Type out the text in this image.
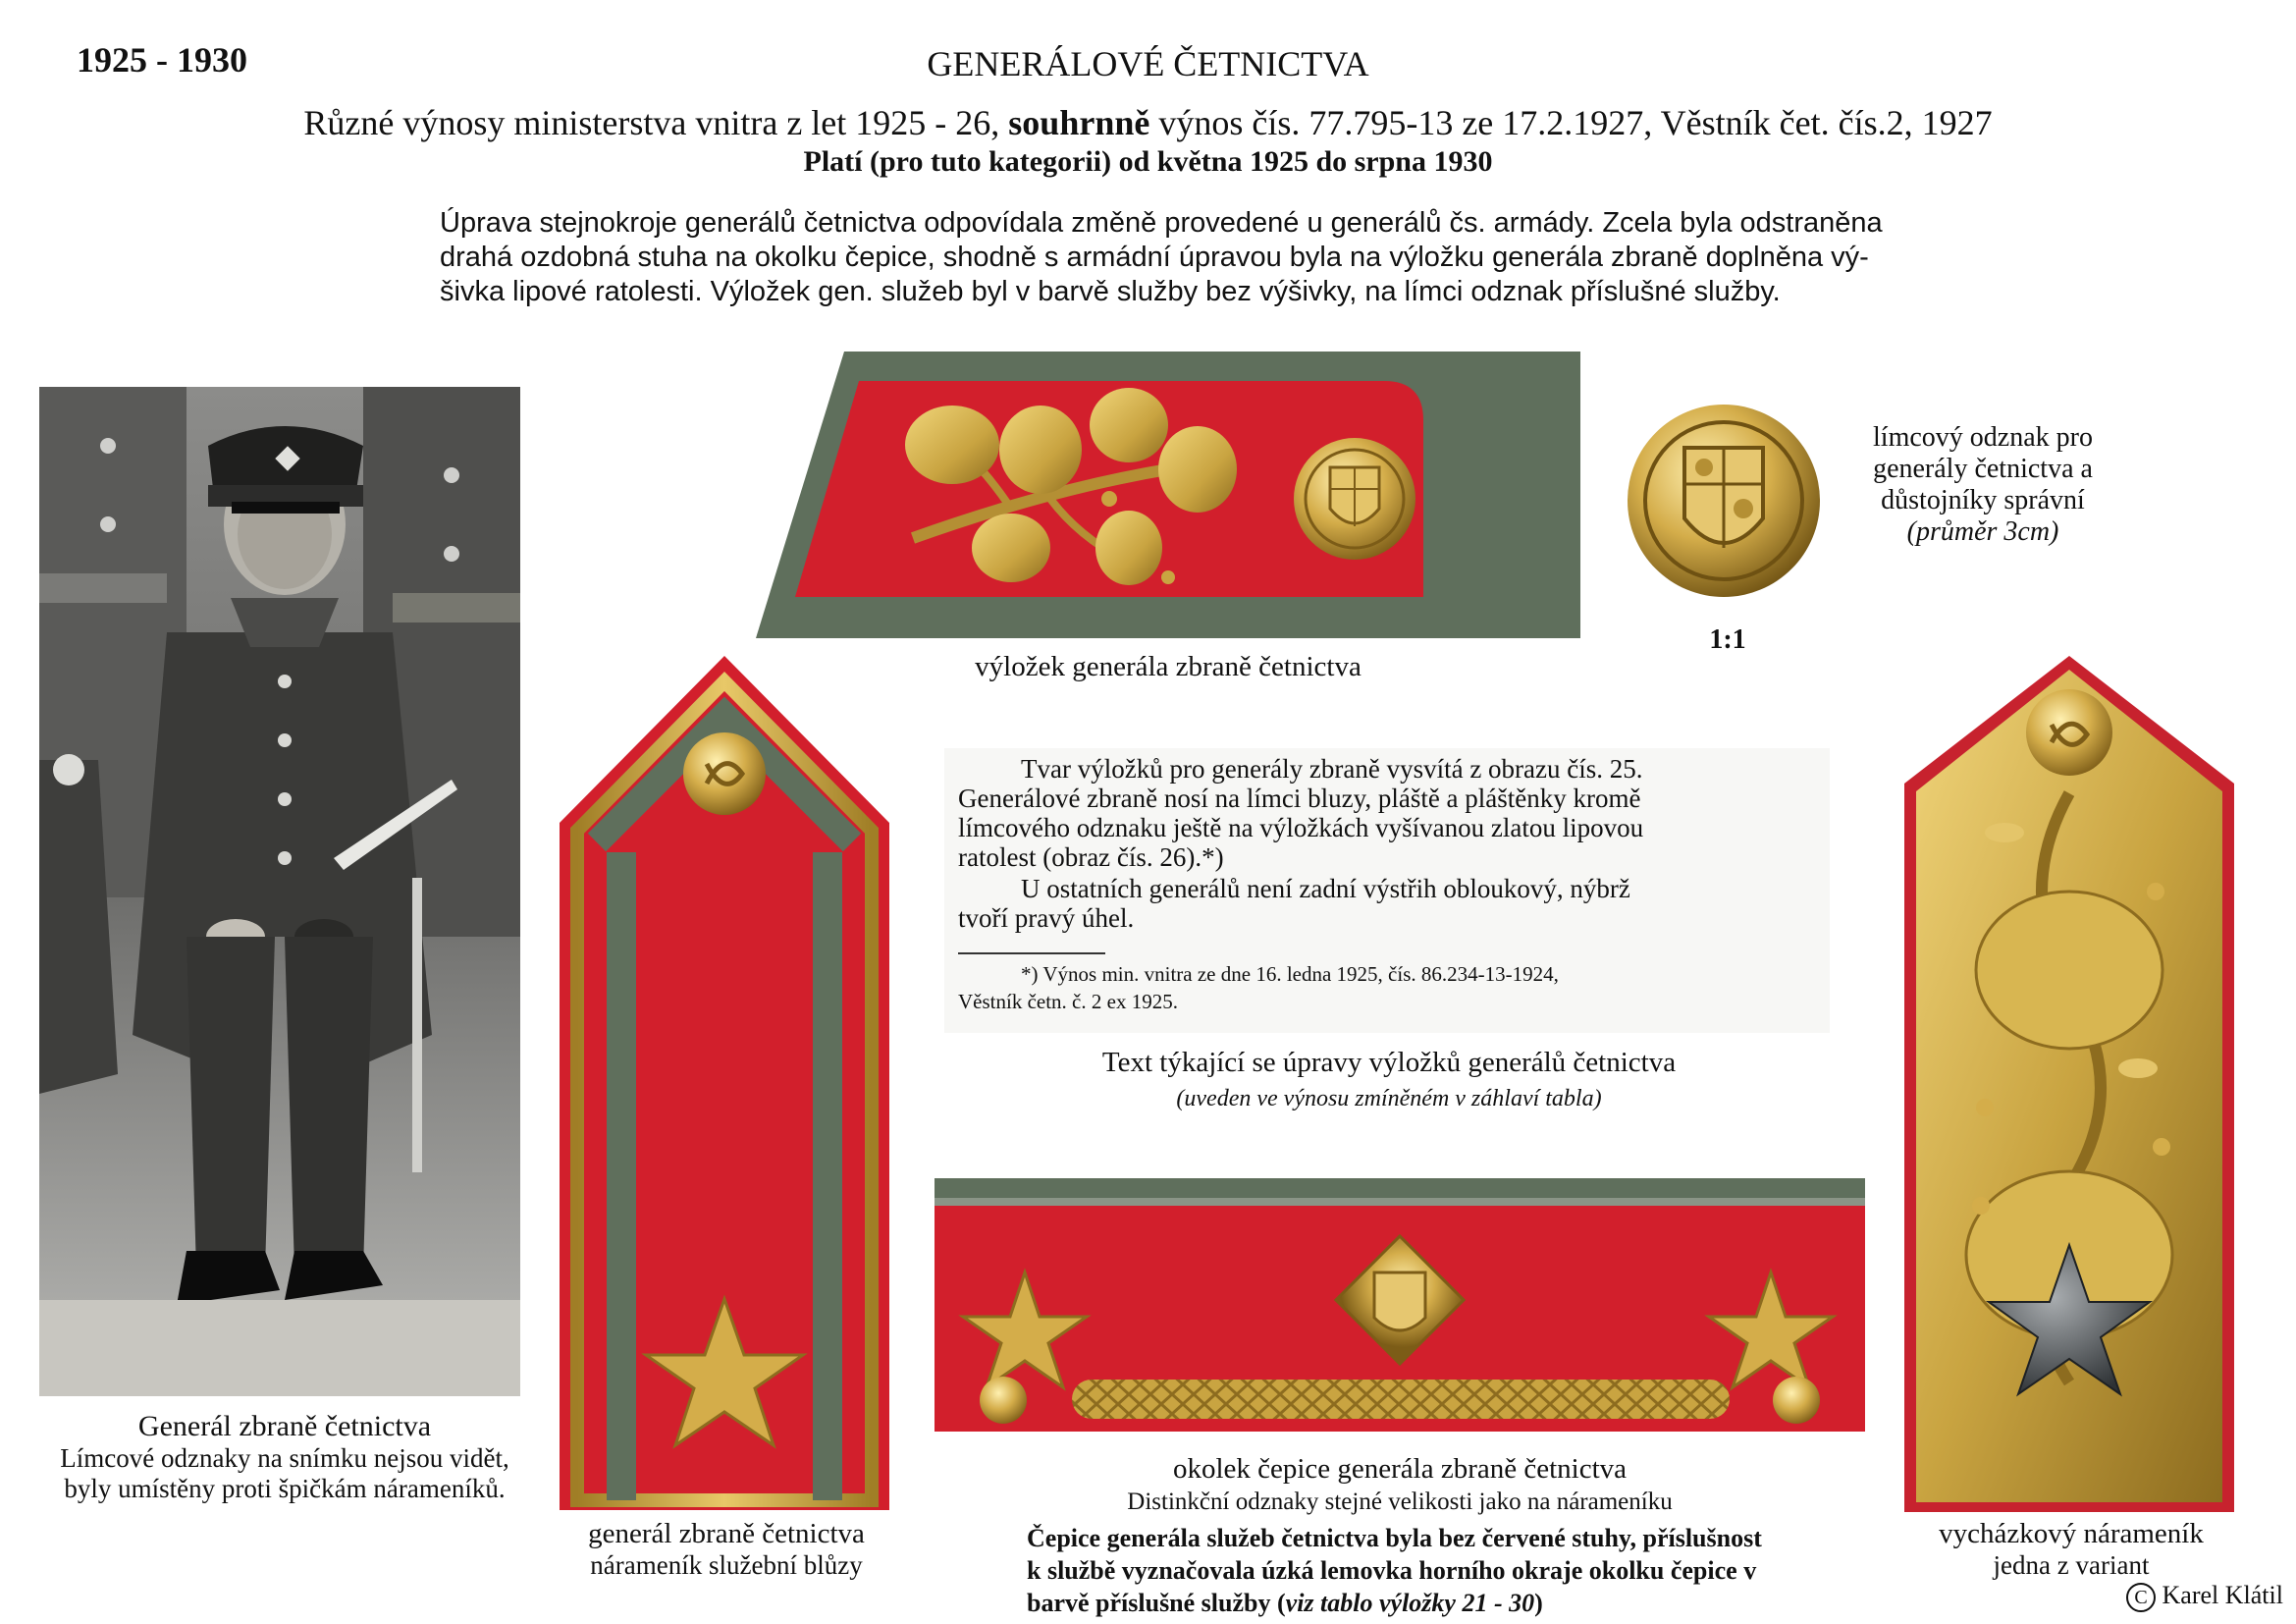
1925 - 1930	GENERÁLOVÉ ČETNICTVA
Různé výnosy ministerstva vnitra z let 1925 - 26, souhrnně výnos čís. 77.795-13 ze 17.2.1927, Věstník čet. čís.2, 1927
Platí (pro tuto kategorii) od května 1925 do srpna 1930
Úprava stejnokroje generálů četnictva odpovídala změně provedené u generálů čs. armády. Zcela byla odstraněna
drahá ozdobná stuha na okolku čepice, shodně s armádní úpravou byla na výložku generála zbraně doplněna vý-
šivka lipové ratolesti. Výložek gen. služeb byl v barvě služby bez výšivky, na límci odznak příslušné služby.
Generál zbraně četnictva
Límcové odznaky na snímku nejsou vidět,
byly umístěny proti špičkám nárameníků.
výložek generála zbraně četnictva
límcový odznak pro
generály četnictva a
důstojníky správní
(průměr 3cm)
1:1
generál zbraně četnictva
nárameník služební blůzy
Tvar výložků pro generály zbraně vysvítá z obrazu čís. 25.
Generálové zbraně nosí na límci bluzy, pláště a pláštěnky kromě
límcového odznaku ještě na výložkách vyšívanou zlatou lipovou
ratolest (obraz čís. 26).*)
U ostatních generálů není zadní výstřih obloukový, nýbrž
tvoří pravý úhel.
*) Výnos min. vnitra ze dne 16. ledna 1925, čís. 86.234-13-1924,
Věstník četn. č. 2 ex 1925.
Text týkající se úpravy výložků generálů četnictva
(uveden ve výnosu zmíněném v záhlaví tabla)
okolek čepice generála zbraně četnictva
Distinkční odznaky stejné velikosti jako na nárameníku
Čepice generála služeb četnictva byla bez červené stuhy, příslušnost
k službě vyznačovala úzká lemovka horního okraje okolku čepice v
barvě příslušné služby (viz tablo výložky 21 - 30)
vycházkový nárameník
jedna z variant
C Karel Klátil
